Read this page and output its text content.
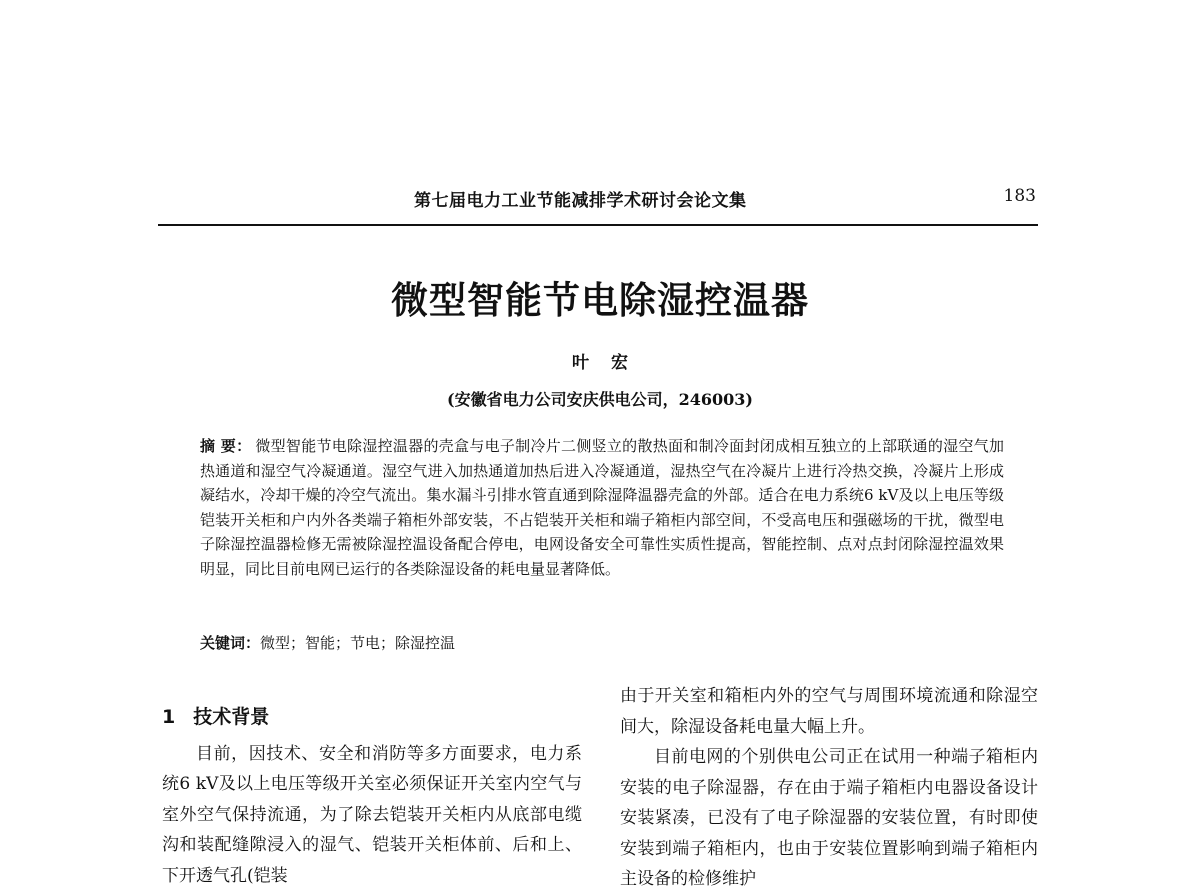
第七届电力工业节能减排学术研讨会论文集	183
微型智能节电除湿控温器
叶宏
(安徽省电力公司安庆供电公司，246003)
摘 要： 微型智能节电除湿控温器的壳盒与电子制冷片二侧竖立的散热面和制冷面封闭成相互独立的上部联通的湿空气加热通道和湿空气冷凝通道。湿空气进入加热通道加热后进入冷凝通道，湿热空气在冷凝片上进行冷热交换，冷凝片上形成凝结水，冷却干燥的冷空气流出。集水漏斗引排水管直通到除湿降温器壳盒的外部。适合在电力系统6 kV及以上电压等级铠装开关柜和户内外各类端子箱柜外部安装，不占铠装开关柜和端子箱柜内部空间，不受高电压和强磁场的干扰，微型电子除湿控温器检修无需被除湿控温设备配合停电，电网设备安全可靠性实质性提高，智能控制、点对点封闭除湿控温效果明显，同比目前电网已运行的各类除湿设备的耗电量显著降低。
关键词：微型；智能；节电；除湿控温
1 技术背景

目前，因技术、安全和消防等多方面要求，电力系统6 kV及以上电压等级开关室必须保证开关室内空气与室外空气保持流通，为了除去铠装开关柜内从底部电缆沟和装配缝隙浸入的湿气、铠装开关柜体前、后和上、下开透气孔(铠装

由于开关室和箱柜内外的空气与周围环境流通和除湿空间大，除湿设备耗电量大幅上升。

目前电网的个别供电公司正在试用一种端子箱柜内安装的电子除湿器，存在由于端子箱柜内电器设备设计安装紧凑，已没有了电子除湿器的安装位置，有时即使安装到端子箱柜内，也由于安装位置影响到端子箱柜内主设备的检修维护
